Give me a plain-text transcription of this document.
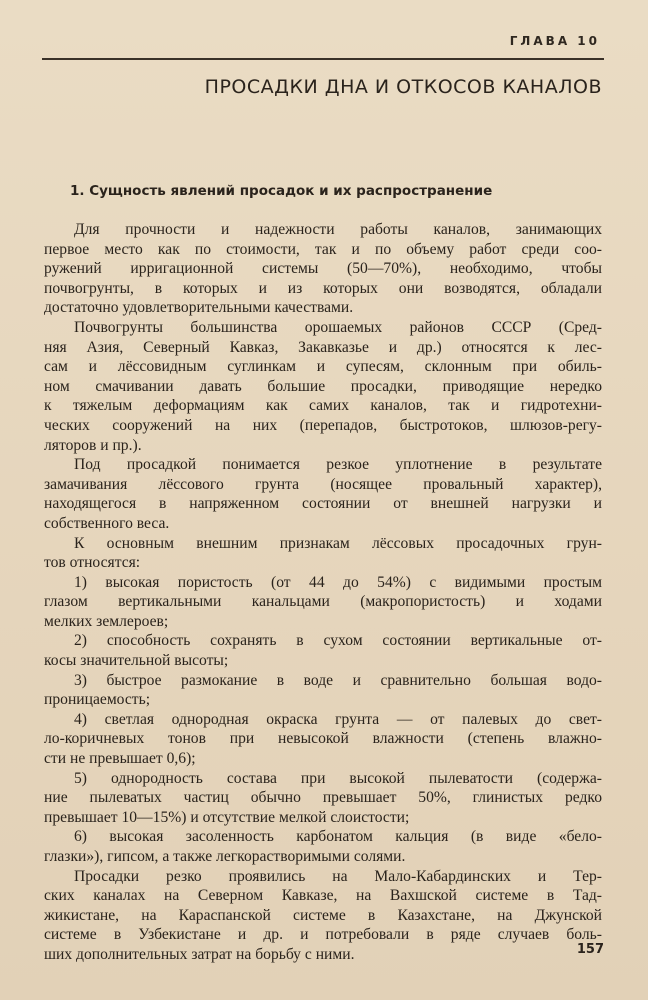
ГЛАВА 10
ПРОСАДКИ ДНА И ОТКОСОВ КАНАЛОВ
1. Сущность явлений просадок и их распространение
Для прочности и надежности работы каналов, занимающих
первое место как по стоимости, так и по объему работ среди соо-
ружений ирригационной системы (50—70%), необходимо, чтобы
почвогрунты, в которых и из которых они возводятся, обладали
достаточно удовлетворительными качествами.
Почвогрунты большинства орошаемых районов СССР (Сред-
няя Азия, Северный Кавказ, Закавказье и др.) относятся к лес-
сам и лёссовидным суглинкам и супесям, склонным при обиль-
ном смачивании давать большие просадки, приводящие нередко
к тяжелым деформациям как самих каналов, так и гидротехни-
ческих сооружений на них (перепадов, быстротоков, шлюзов-регу-
ляторов и пр.).
Под просадкой понимается резкое уплотнение в результате
замачивания лёссового грунта (носящее провальный характер),
находящегося в напряженном состоянии от внешней нагрузки и
собственного веса.
К основным внешним признакам лёссовых просадочных грун-
тов относятся:
1) высокая пористость (от 44 до 54%) с видимыми простым
глазом вертикальными канальцами (макропористость) и ходами
мелких землероев;
2) способность сохранять в сухом состоянии вертикальные от-
косы значительной высоты;
3) быстрое размокание в воде и сравнительно большая водо-
проницаемость;
4) светлая однородная окраска грунта — от палевых до свет-
ло-коричневых тонов при невысокой влажности (степень влажно-
сти не превышает 0,6);
5) однородность состава при высокой пылеватости (содержа-
ние пылеватых частиц обычно превышает 50%, глинистых редко
превышает 10—15%) и отсутствие мелкой слоистости;
6) высокая засоленность карбонатом кальция (в виде «бело-
глазки»), гипсом, а также легкорастворимыми солями.
Просадки резко проявились на Мало-Кабардинских и Тер-
ских каналах на Северном Кавказе, на Вахшской системе в Тад-
жикистане, на Караспанской системе в Казахстане, на Джунской
системе в Узбекистане и др. и потребовали в ряде случаев боль-
ших дополнительных затрат на борьбу с ними.	157
